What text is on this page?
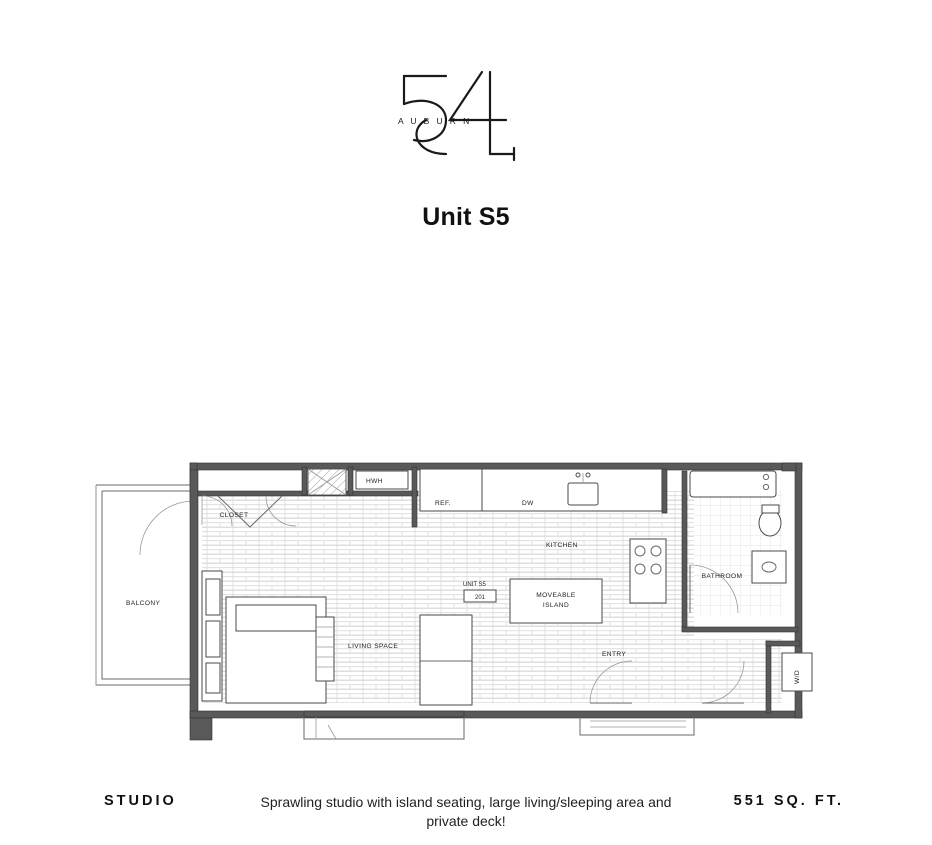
A U B U R N
Unit S5
HWH
CLOSET
REF.	DW
KITCHEN
MOVEABLE
ISLAND
UNIT S5
201
BATHROOM
W/D
ENTRY
LIVING SPACE
BALCONY
STUDIO	Sprawling studio with island seating, large living/sleeping area and private deck!
551 SQ. FT.
